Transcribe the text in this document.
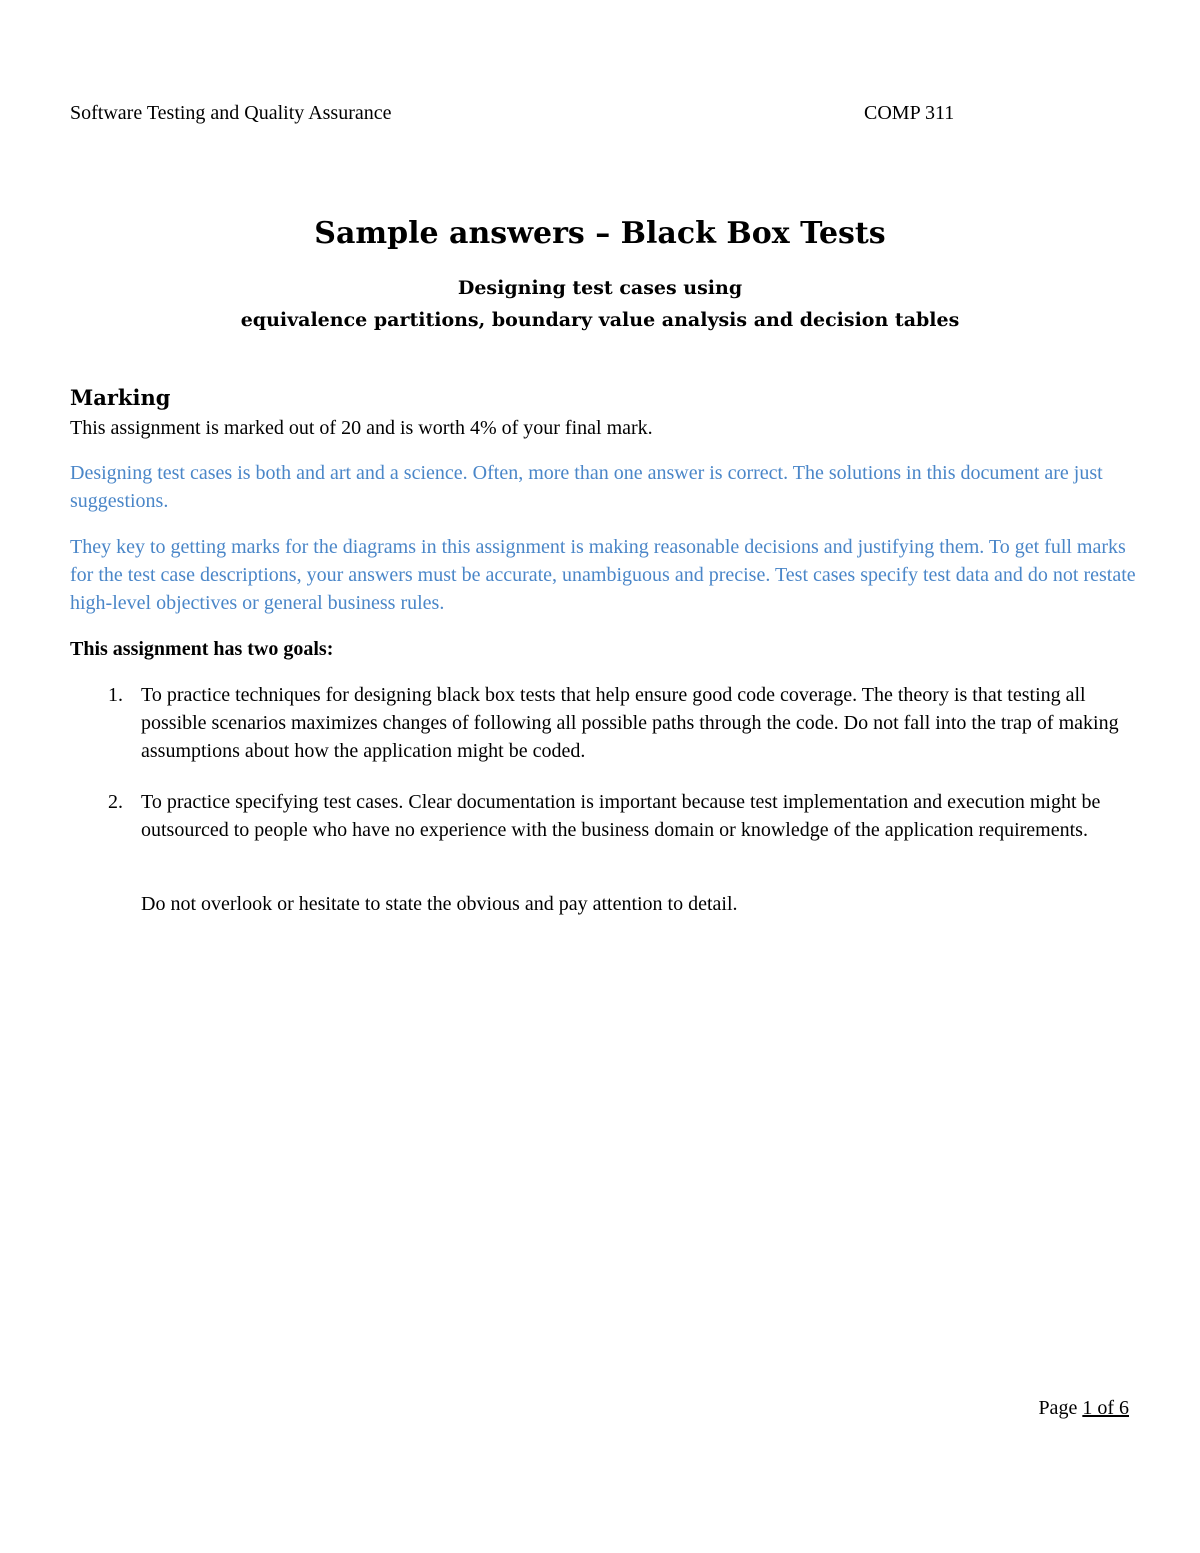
Software Testing and Quality Assurance	COMP 311
Sample answers – Black Box Tests
Designing test cases using
equivalence partitions, boundary value analysis and decision tables
Marking

This assignment is marked out of 20 and is worth 4% of your final mark.

Designing test cases is both and art and a science. Often, more than one answer is correct. The solutions in this document are just suggestions.

They key to getting marks for the diagrams in this assignment is making reasonable decisions and justifying them. To get full marks for the test case descriptions, your answers must be accurate, unambiguous and precise. Test cases specify test data and do not restate high-level objectives or general business rules.

This assignment has two goals:
1. To practice techniques for designing black box tests that help ensure good code coverage. The theory is that testing all possible scenarios maximizes changes of following all possible paths through the code. Do not fall into the trap of making assumptions about how the application might be coded.
2. To practice specifying test cases. Clear documentation is important because test implementation and execution might be outsourced to people who have no experience with the business domain or knowledge of the application requirements.
Do not overlook or hesitate to state the obvious and pay attention to detail.
Page 1 of 6
